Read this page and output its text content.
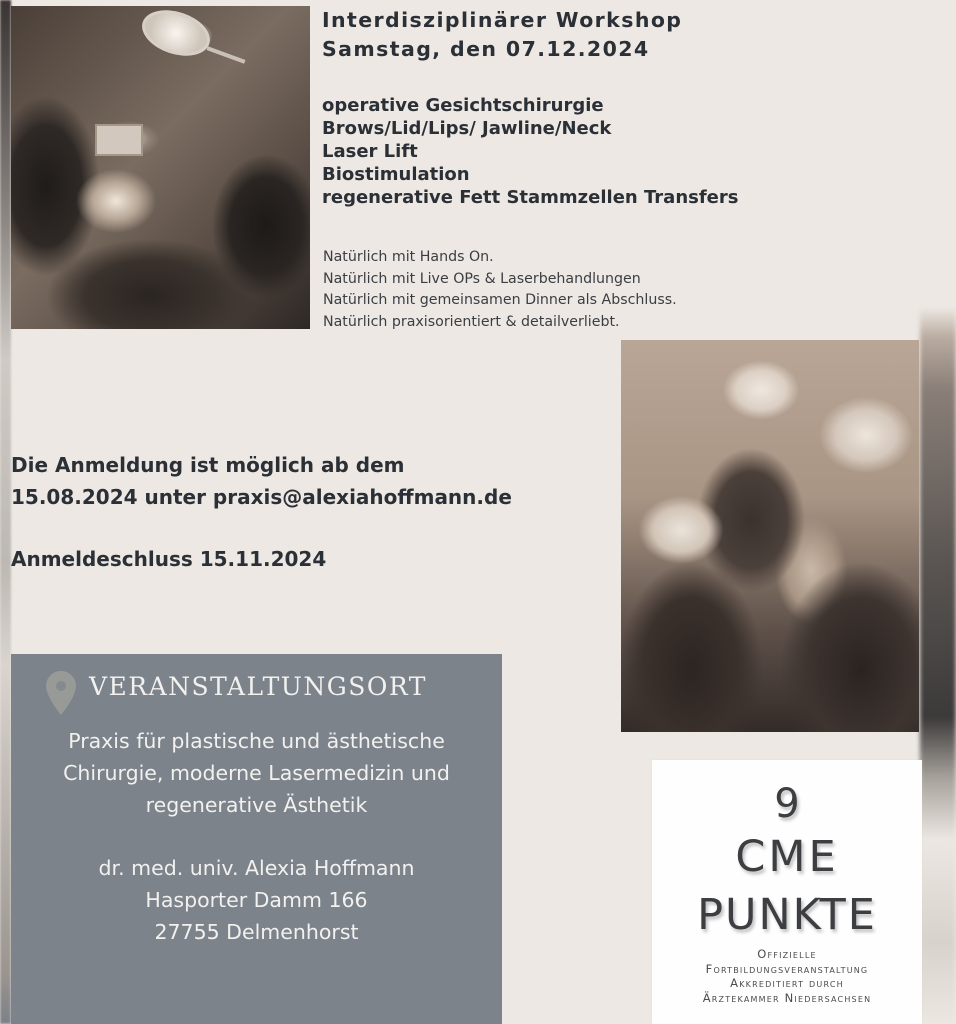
Interdisziplinärer Workshop
Samstag, den 07.12.2024
operative Gesichtschirurgie
Brows/Lid/Lips/ Jawline/Neck
Laser Lift
Biostimulation
regenerative Fett Stammzellen Transfers
Natürlich mit Hands On.
Natürlich mit Live OPs & Laserbehandlungen
Natürlich mit gemeinsamen Dinner als Abschluss.
Natürlich praxisorientiert & detailverliebt.
Die Anmeldung ist möglich ab dem
15.08.2024 unter praxis@alexiahoffmann.de
Anmeldeschluss 15.11.2024
VERANSTALTUNGSORT
Praxis für plastische und ästhetische
Chirurgie, moderne Lasermedizin und
regenerative Ästhetik
dr. med. univ. Alexia Hoffmann
Hasporter Damm 166
27755 Delmenhorst
9
CME
PUNKTE
Offizielle
Fortbildungsveranstaltung
Akkreditiert durch
Ärztekammer Niedersachsen
